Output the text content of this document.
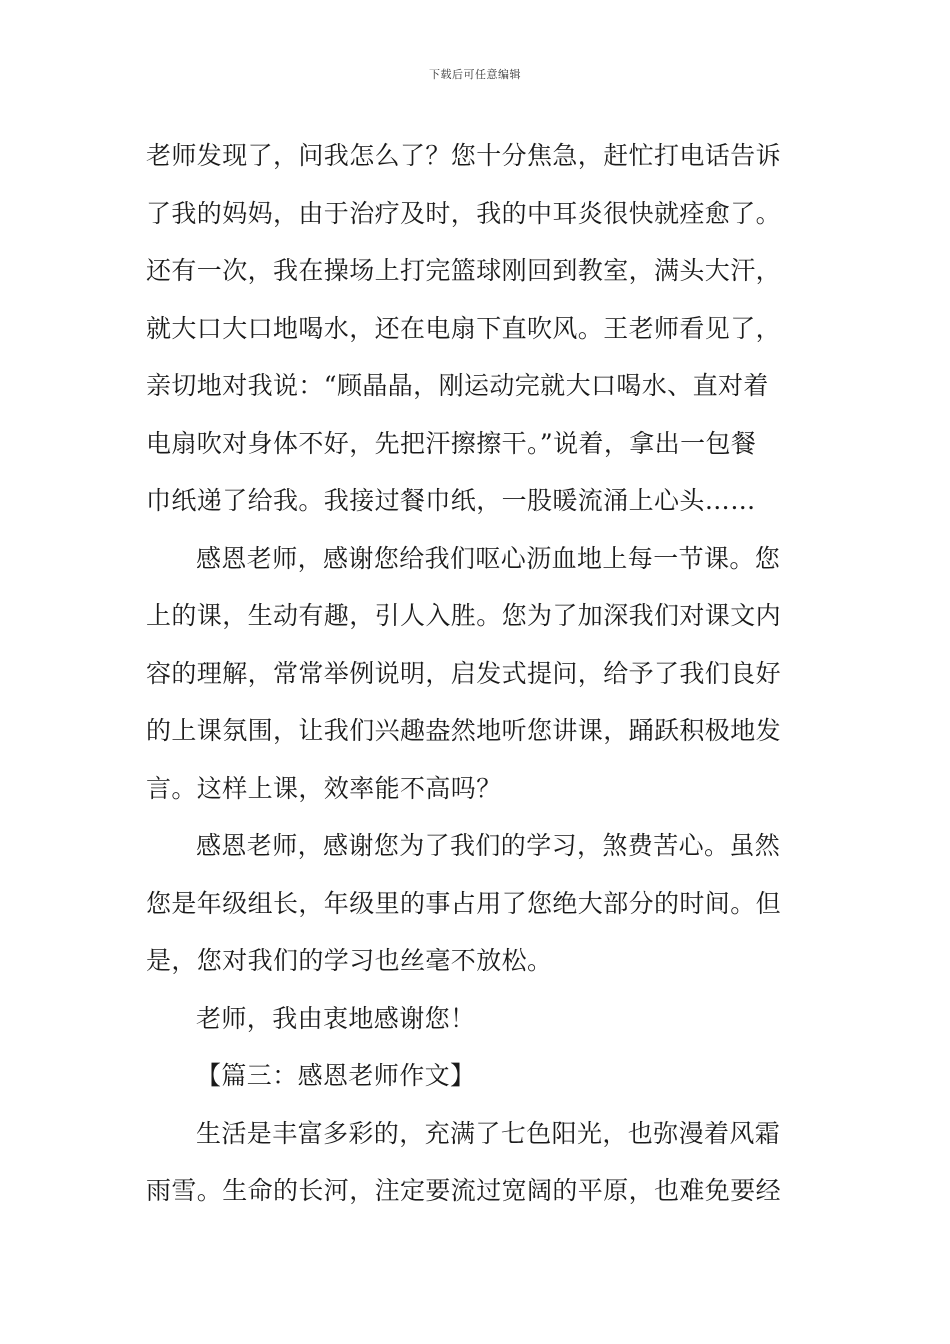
下载后可任意编辑
老师发现了，问我怎么了？您十分焦急，赶忙打电话告诉
了我的妈妈，由于治疗及时，我的中耳炎很快就痊愈了。
还有一次，我在操场上打完篮球刚回到教室，满头大汗，
就大口大口地喝水，还在电扇下直吹风。王老师看见了，
亲切地对我说：“顾晶晶，刚运动完就大口喝水、直对着
电扇吹对身体不好，先把汗擦擦干。”说着，拿出一包餐
巾纸递了给我。我接过餐巾纸，一股暖流涌上心头……
感恩老师，感谢您给我们呕心沥血地上每一节课。您
上的课，生动有趣，引人入胜。您为了加深我们对课文内
容的理解，常常举例说明，启发式提问，给予了我们良好
的上课氛围，让我们兴趣盎然地听您讲课，踊跃积极地发
言。这样上课，效率能不高吗？
感恩老师，感谢您为了我们的学习，煞费苦心。虽然
您是年级组长，年级里的事占用了您绝大部分的时间。但
是，您对我们的学习也丝毫不放松。
老师，我由衷地感谢您！
【篇三：感恩老师作文】
生活是丰富多彩的，充满了七色阳光，也弥漫着风霜
雨雪。生命的长河，注定要流过宽阔的平原，也难免要经
